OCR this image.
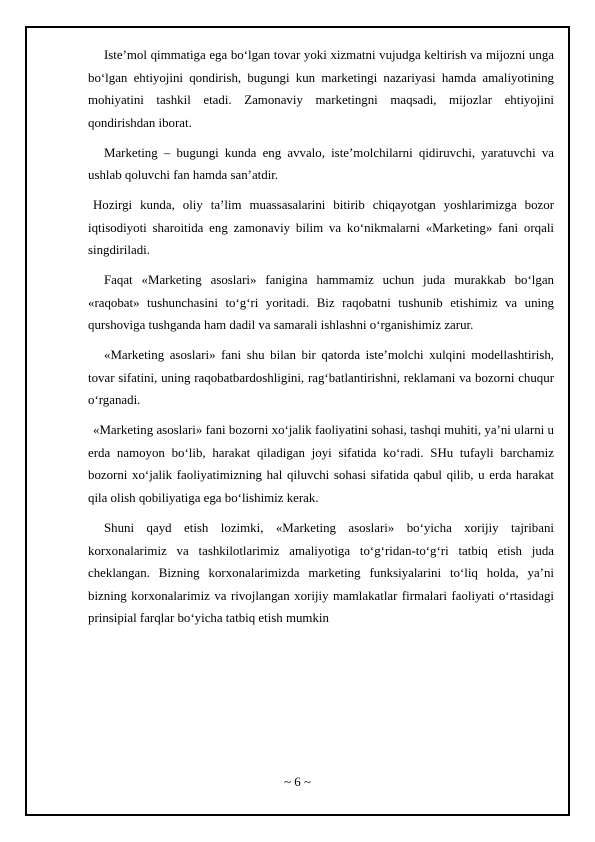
Iste’mol qimmatiga ega bo‘lgan tovar yoki xizmatni vujudga keltirish va mijozni unga bo‘lgan ehtiyojini qondirish, bugungi kun marketingi nazariyasi hamda amaliyotining mohiyatini tashkil etadi. Zamonaviy marketingni maqsadi, mijozlar ehtiyojini qondirishdan iborat.

Marketing – bugungi kunda eng avvalo, iste’molchilarni qidiruvchi, yaratuvchi va ushlab qoluvchi fan hamda san’atdir.

Hozirgi kunda, oliy ta’lim muassasalarini bitirib chiqayotgan yoshlarimizga bozor iqtisodiyoti sharoitida eng zamonaviy bilim va ko‘nikmalarni «Marketing» fani orqali singdiriladi.

Faqat «Marketing asoslari» fanigina hammamiz uchun juda murakkab bo‘lgan «raqobat» tushunchasini to‘g‘ri yoritadi. Biz raqobatni tushunib etishimiz va uning qurshoviga tushganda ham dadil va samarali ishlashni o‘rganishimiz zarur.

«Marketing asoslari» fani shu bilan bir qatorda iste’molchi xulqini modellashtirish, tovar sifatini, uning raqobatbardoshligini, rag‘batlantirishni, reklamani va bozorni chuqur o‘rganadi.

«Marketing asoslari» fani bozorni xo‘jalik faoliyatini sohasi, tashqi muhiti, ya’ni ularni u erda namoyon bo‘lib, harakat qiladigan joyi sifatida ko‘radi. SHu tufayli barchamiz bozorni xo‘jalik faoliyatimizning hal qiluvchi sohasi sifatida qabul qilib, u erda harakat qila olish qobiliyatiga ega bo‘lishimiz kerak.

Shuni qayd etish lozimki, «Marketing asoslari» bo‘yicha xorijiy tajribani korxonalarimiz va tashkilotlarimiz amaliyotiga to‘g‘ridan-to‘g‘ri tatbiq etish juda cheklangan. Bizning korxonalarimizda marketing funksiyalarini to‘liq holda, ya’ni bizning korxonalarimiz va rivojlangan xorijiy mamlakatlar firmalari faoliyati o‘rtasidagi prinsipial farqlar bo‘yicha tatbiq etish mumkin

~ 6 ~
